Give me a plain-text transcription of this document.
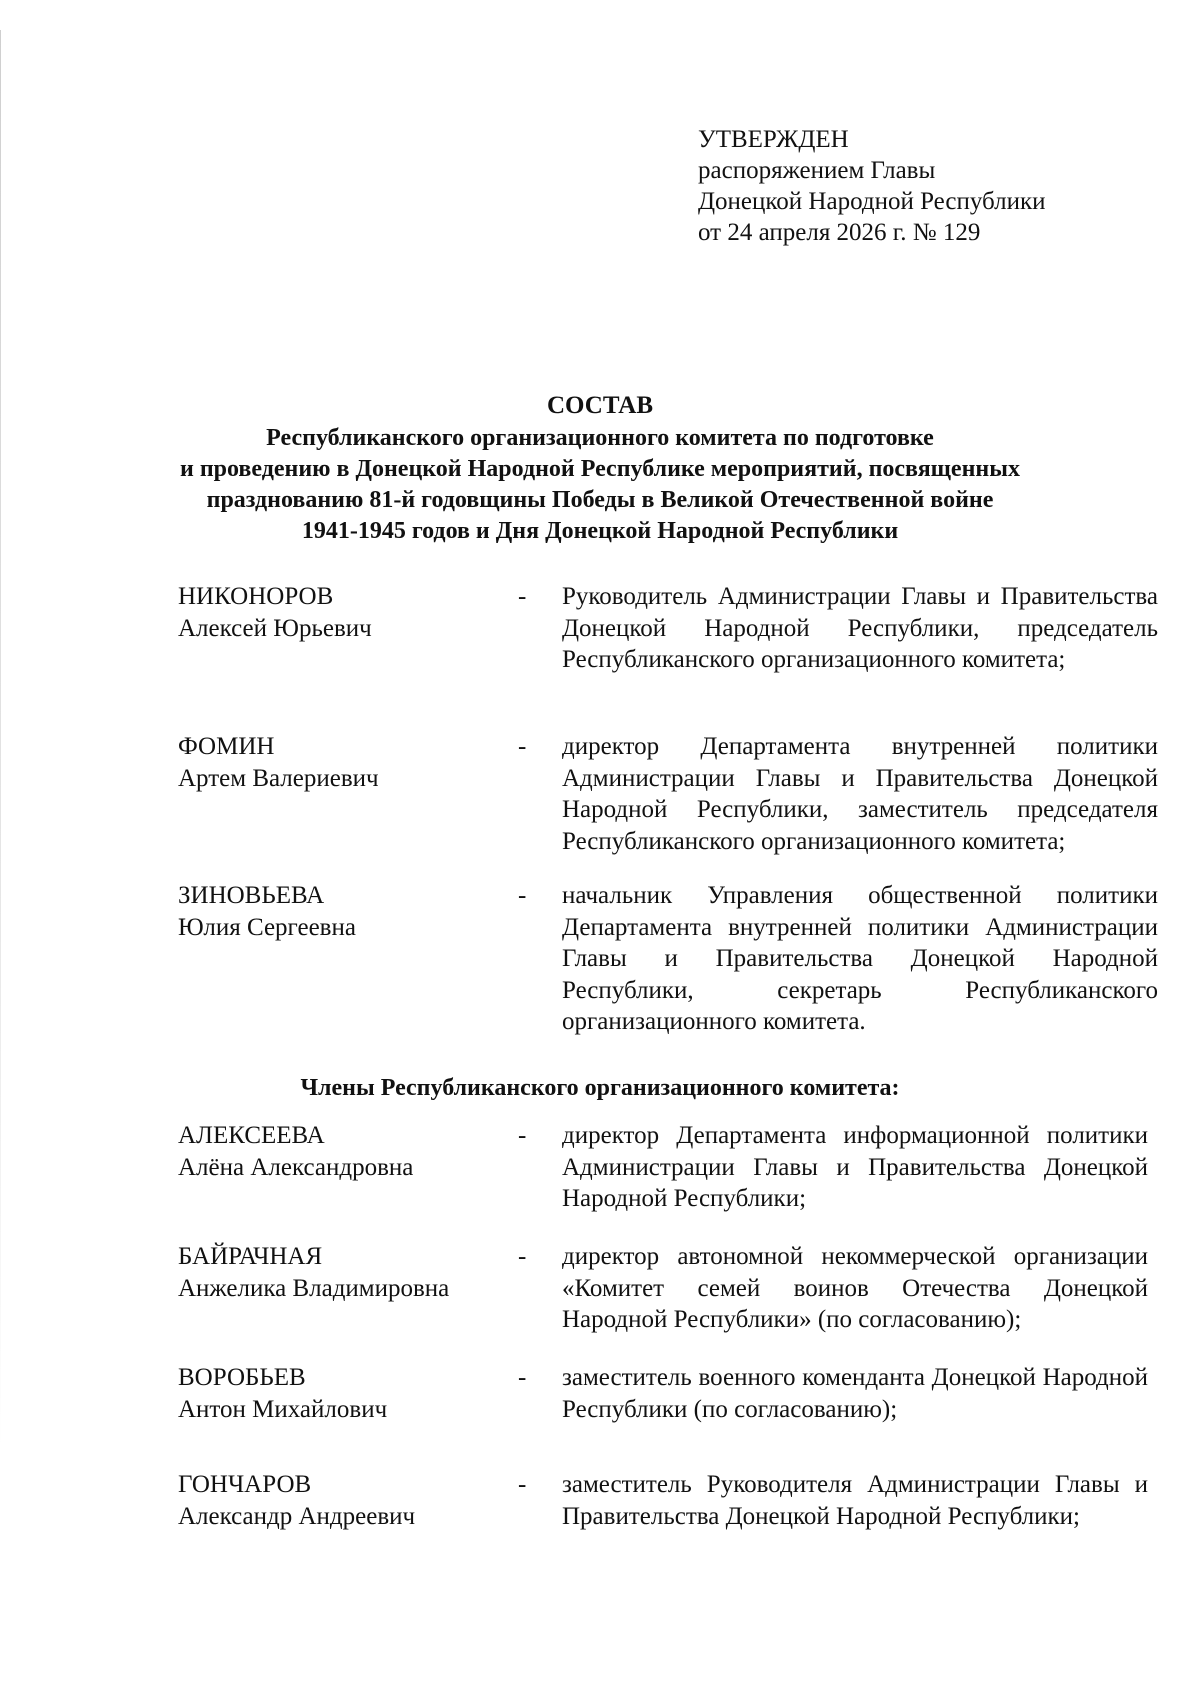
УТВЕРЖДЕН
распоряжением Главы
Донецкой Народной Республики
от 24 апреля 2026 г. № 129
СОСТАВ
Республиканского организационного комитета по подготовке
и проведению в Донецкой Народной Республике мероприятий, посвященных
празднованию 81-й годовщины Победы в Великой Отечественной войне
1941-1945 годов и Дня Донецкой Народной Республики
НИКОНОРОВ
Алексей Юрьевич
- Руководитель Администрации Главы и Правительства Донецкой Народной Республики, председатель Республиканского организационного комитета;
ФОМИН
Артем Валериевич
- директор Департамента внутренней политики Администрации Главы и Правительства Донецкой Народной Республики, заместитель председателя Республиканского организационного комитета;
ЗИНОВЬЕВА
Юлия Сергеевна
- начальник Управления общественной политики Департамента внутренней политики Администрации Главы и Правительства Донецкой Народной Республики, секретарь Республиканского организационного комитета.
Члены Республиканского организационного комитета:
АЛЕКСЕЕВА
Алёна Александровна
- директор Департамента информационной политики Администрации Главы и Правительства Донецкой Народной Республики;
БАЙРАЧНАЯ
Анжелика Владимировна
- директор автономной некоммерческой организации «Комитет семей воинов Отечества Донецкой Народной Республики» (по согласованию);
ВОРОБЬЕВ
Антон Михайлович
- заместитель военного коменданта Донецкой Народной Республики (по согласованию);
ГОНЧАРОВ
Александр Андреевич
- заместитель Руководителя Администрации Главы и Правительства Донецкой Народной Республики;
